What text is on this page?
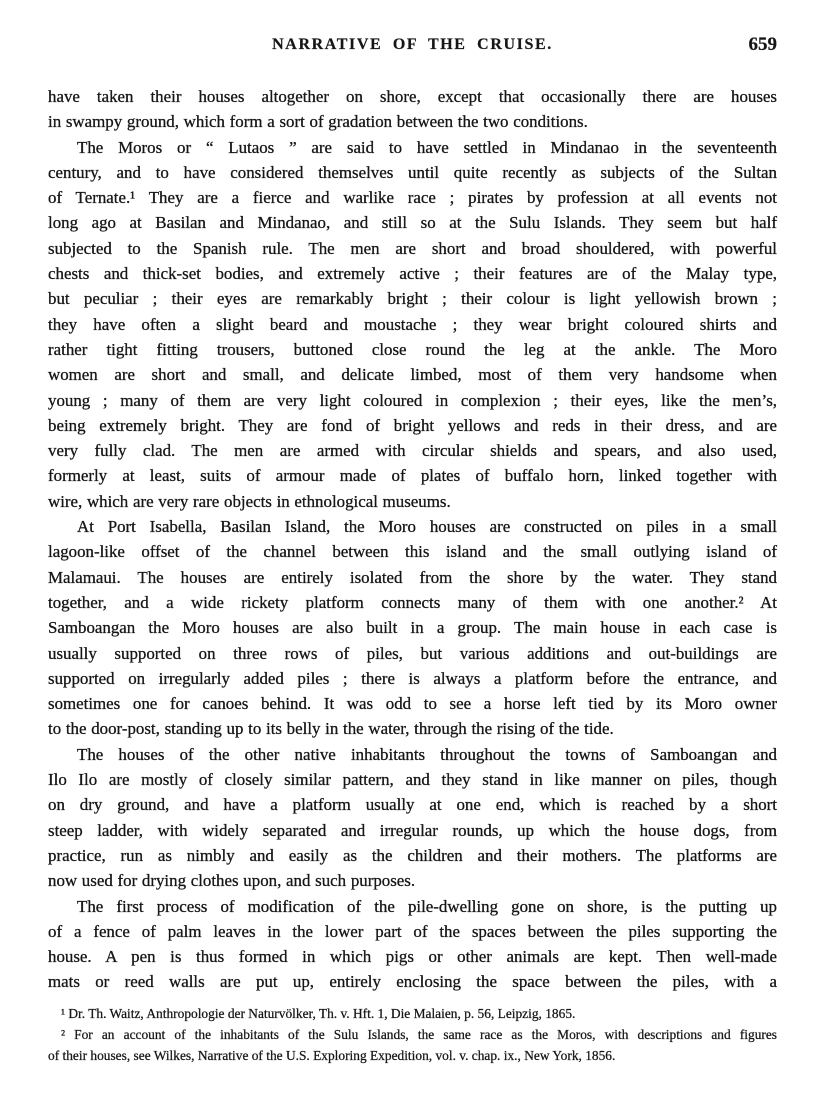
NARRATIVE OF THE CRUISE.	659
have taken their houses altogether on shore, except that occasionally there are houses
in swampy ground, which form a sort of gradation between the two conditions.
The Moros or “ Lutaos ” are said to have settled in Mindanao in the seventeenth
century, and to have considered themselves until quite recently as subjects of the Sultan
of Ternate.¹ They are a fierce and warlike race ; pirates by profession at all events not
long ago at Basilan and Mindanao, and still so at the Sulu Islands. They seem but half
subjected to the Spanish rule. The men are short and broad shouldered, with powerful
chests and thick-set bodies, and extremely active ; their features are of the Malay type,
but peculiar ; their eyes are remarkably bright ; their colour is light yellowish brown ;
they have often a slight beard and moustache ; they wear bright coloured shirts and
rather tight fitting trousers, buttoned close round the leg at the ankle. The Moro
women are short and small, and delicate limbed, most of them very handsome when
young ; many of them are very light coloured in complexion ; their eyes, like the men’s,
being extremely bright. They are fond of bright yellows and reds in their dress, and are
very fully clad. The men are armed with circular shields and spears, and also used,
formerly at least, suits of armour made of plates of buffalo horn, linked together with
wire, which are very rare objects in ethnological museums.
At Port Isabella, Basilan Island, the Moro houses are constructed on piles in a small
lagoon-like offset of the channel between this island and the small outlying island of
Malamaui. The houses are entirely isolated from the shore by the water. They stand
together, and a wide rickety platform connects many of them with one another.² At
Samboangan the Moro houses are also built in a group. The main house in each case is
usually supported on three rows of piles, but various additions and out-buildings are
supported on irregularly added piles ; there is always a platform before the entrance, and
sometimes one for canoes behind. It was odd to see a horse left tied by its Moro owner
to the door-post, standing up to its belly in the water, through the rising of the tide.
The houses of the other native inhabitants throughout the towns of Samboangan and
Ilo Ilo are mostly of closely similar pattern, and they stand in like manner on piles, though
on dry ground, and have a platform usually at one end, which is reached by a short
steep ladder, with widely separated and irregular rounds, up which the house dogs, from
practice, run as nimbly and easily as the children and their mothers. The platforms are
now used for drying clothes upon, and such purposes.
The first process of modification of the pile-dwelling gone on shore, is the putting up
of a fence of palm leaves in the lower part of the spaces between the piles supporting the
house. A pen is thus formed in which pigs or other animals are kept. Then well-made
mats or reed walls are put up, entirely enclosing the space between the piles, with a
¹ Dr. Th. Waitz, Anthropologie der Naturvölker, Th. v. Hft. 1, Die Malaien, p. 56, Leipzig, 1865.
² For an account of the inhabitants of the Sulu Islands, the same race as the Moros, with descriptions and figures
of their houses, see Wilkes, Narrative of the U.S. Exploring Expedition, vol. v. chap. ix., New York, 1856.
